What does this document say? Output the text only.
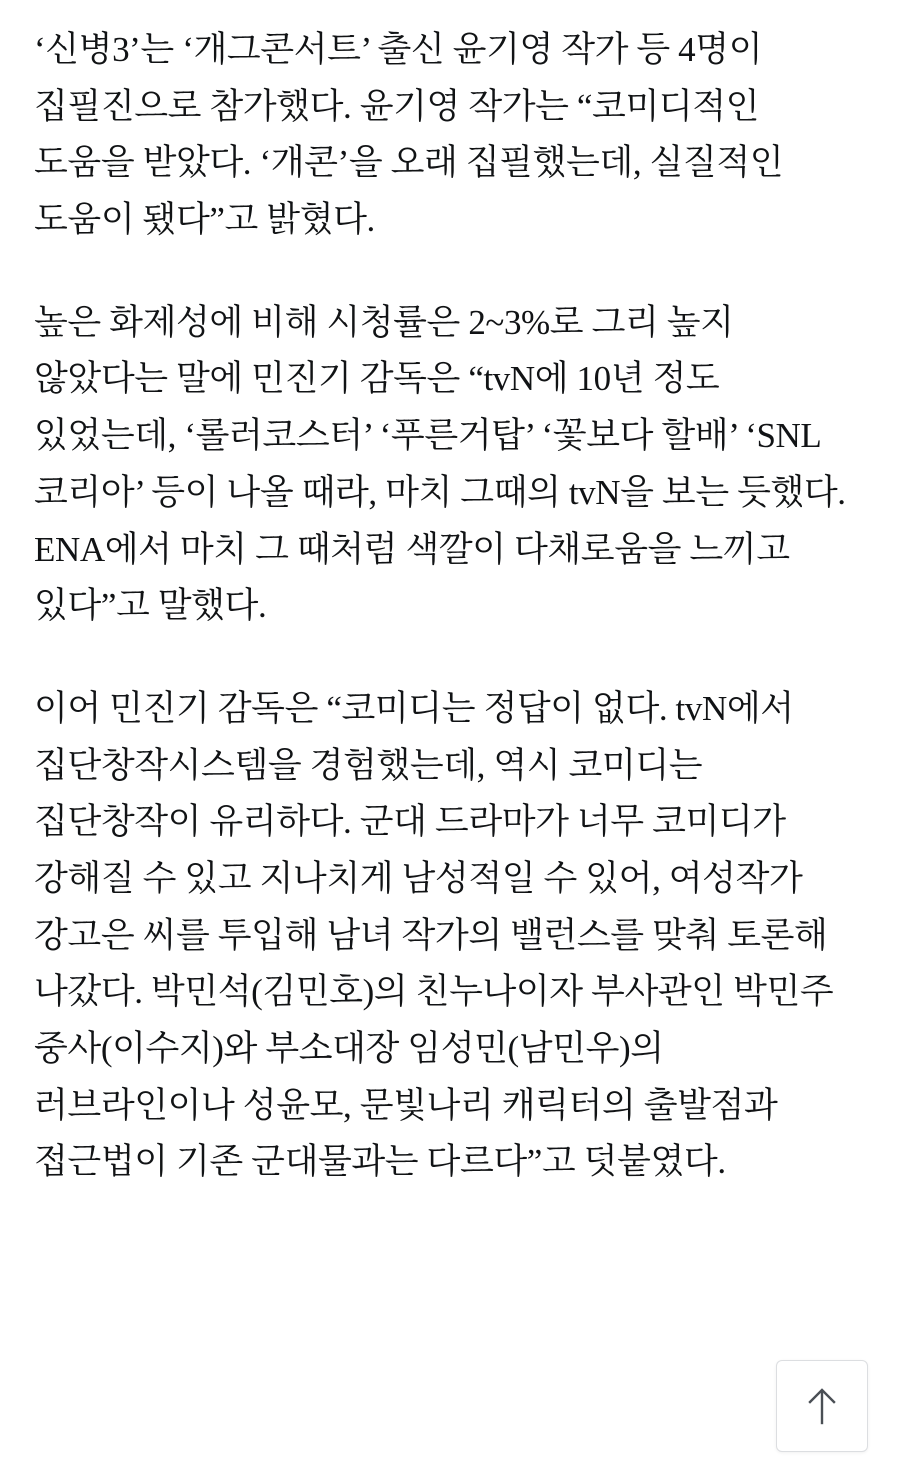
‘신병3’는 ‘개그콘서트’ 출신 윤기영 작가 등 4명이 집필진으로 참가했다. 윤기영 작가는 “코미디적인 도움을 받았다. ‘개콘’을 오래 집필했는데, 실질적인 도움이 됐다”고 밝혔다.

높은 화제성에 비해 시청률은 2~3%로 그리 높지 않았다는 말에 민진기 감독은 “tvN에 10년 정도 있었는데, ‘롤러코스터’ ‘푸른거탑’ ‘꽃보다 할배’ ‘SNL 코리아’ 등이 나올 때라, 마치 그때의 tvN을 보는 듯했다. ENA에서 마치 그 때처럼 색깔이 다채로움을 느끼고 있다”고 말했다.

이어 민진기 감독은 “코미디는 정답이 없다. tvN에서 집단창작시스템을 경험했는데, 역시 코미디는 집단창작이 유리하다. 군대 드라마가 너무 코미디가 강해질 수 있고 지나치게 남성적일 수 있어, 여성작가 강고은 씨를 투입해 남녀 작가의 밸런스를 맞춰 토론해 나갔다. 박민석(김민호)의 친누나이자 부사관인 박민주 중사(이수지)와 부소대장 임성민(남민우)의 러브라인이나 성윤모, 문빛나리 캐릭터의 출발점과 접근법이 기존 군대물과는 다르다”고 덧붙였다.
